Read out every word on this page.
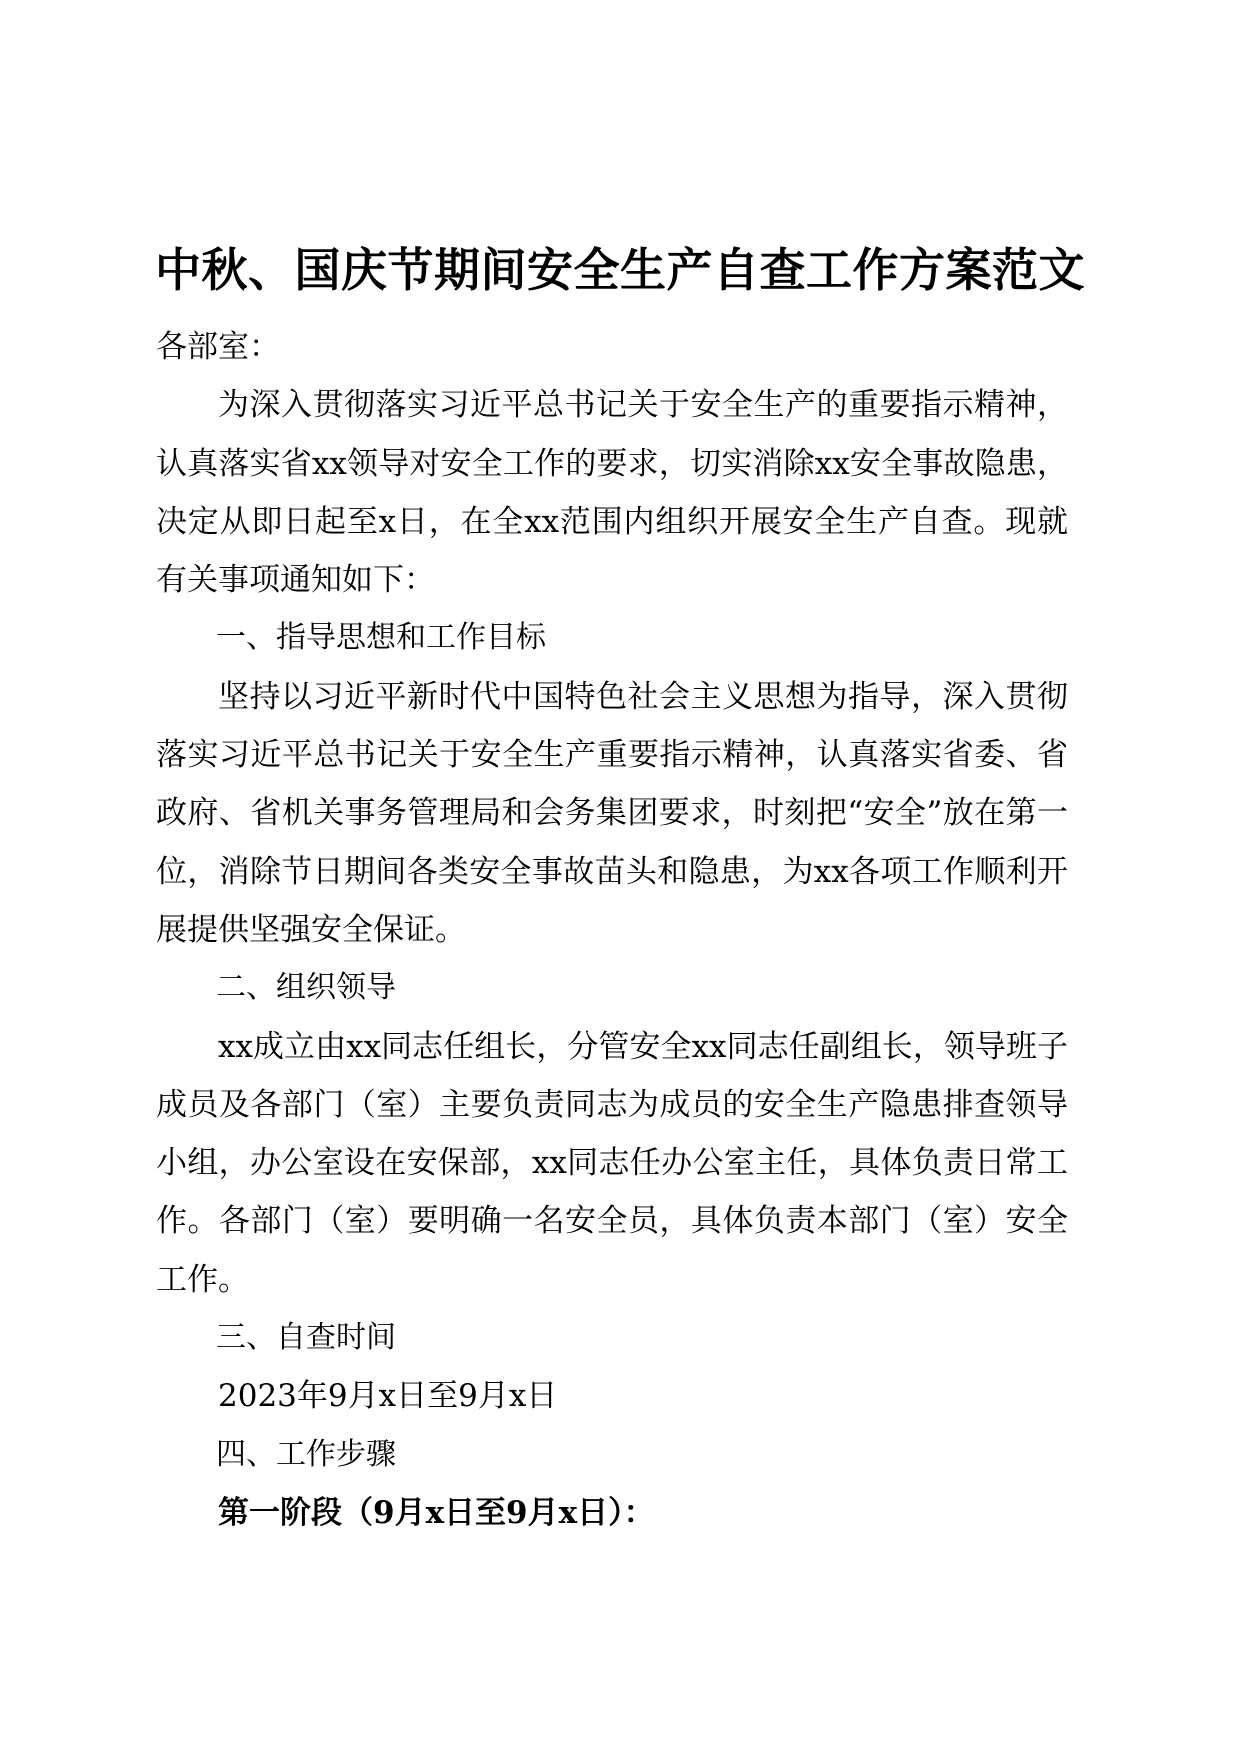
中秋、国庆节期间安全生产自查工作方案范文

各部室：

为深入贯彻落实习近平总书记关于安全生产的重要指示精神，认真落实省xx领导对安全工作的要求，切实消除xx安全事故隐患，决定从即日起至x日，在全xx范围内组织开展安全生产自查。现就有关事项通知如下：

一、指导思想和工作目标

坚持以习近平新时代中国特色社会主义思想为指导，深入贯彻落实习近平总书记关于安全生产重要指示精神，认真落实省委、省政府、省机关事务管理局和会务集团要求，时刻把“安全”放在第一位，消除节日期间各类安全事故苗头和隐患，为xx各项工作顺利开展提供坚强安全保证。

二、组织领导

xx成立由xx同志任组长，分管安全xx同志任副组长，领导班子成员及各部门（室）主要负责同志为成员的安全生产隐患排查领导小组，办公室设在安保部，xx同志任办公室主任，具体负责日常工作。各部门（室）要明确一名安全员，具体负责本部门（室）安全工作。

三、自查时间

2023年9月x日至9月x日

四、工作步骤

第一阶段（9月x日至9月x日）：
